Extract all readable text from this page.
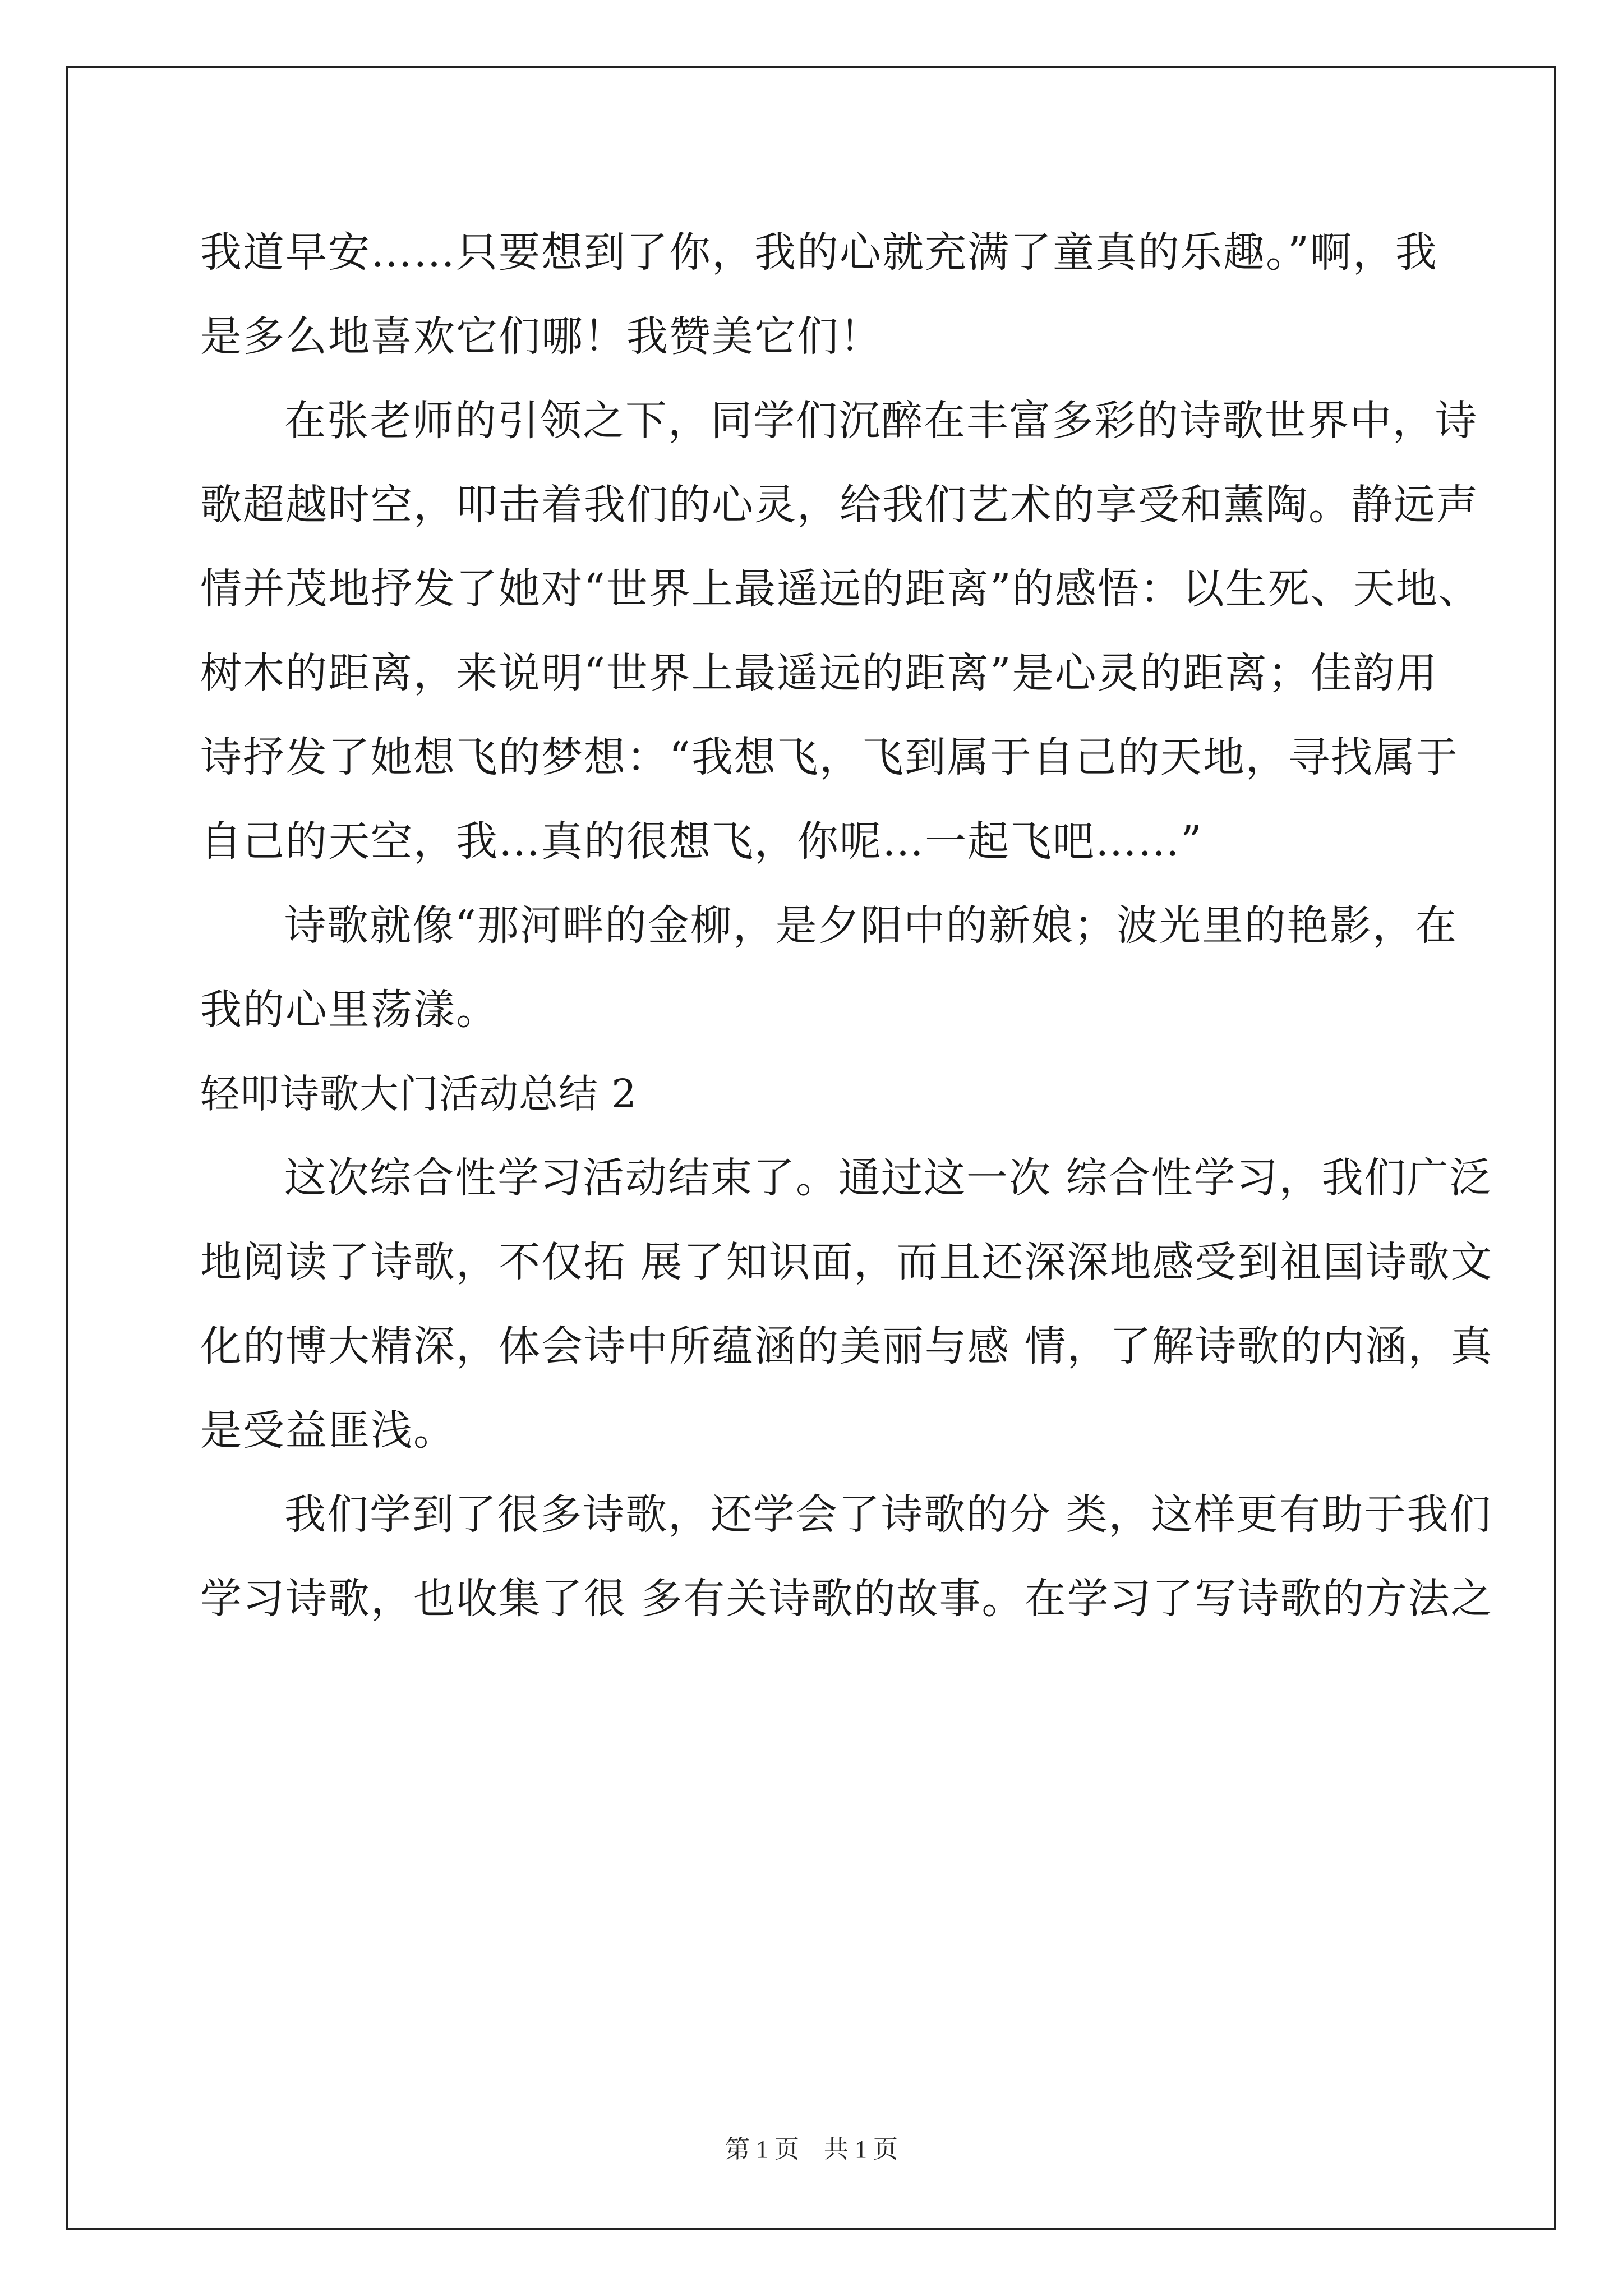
我道早安……只要想到了你，我的心就充满了童真的乐趣。”啊，我
是多么地喜欢它们哪！我赞美它们！
在张老师的引领之下，同学们沉醉在丰富多彩的诗歌世界中，诗
歌超越时空，叩击着我们的心灵，给我们艺术的享受和薰陶。静远声
情并茂地抒发了她对“世界上最遥远的距离”的感悟：以生死、天地、
树木的距离，来说明“世界上最遥远的距离”是心灵的距离；佳韵用
诗抒发了她想飞的梦想：“我想飞，飞到属于自己的天地，寻找属于
自己的天空，我…真的很想飞，你呢…一起飞吧……”
诗歌就像“那河畔的金柳，是夕阳中的新娘；波光里的艳影，在
我的心里荡漾。
轻叩诗歌大门活动总结 2
这次综合性学习活动结束了。通过这一次 综合性学习，我们广泛
地阅读了诗歌，不仅拓 展了知识面，而且还深深地感受到祖国诗歌文
化的博大精深，体会诗中所蕴涵的美丽与感 情，了解诗歌的内涵，真
是受益匪浅。
我们学到了很多诗歌，还学会了诗歌的分 类，这样更有助于我们
学习诗歌，也收集了很 多有关诗歌的故事。在学习了写诗歌的方法之
第 1 页 共 1 页
